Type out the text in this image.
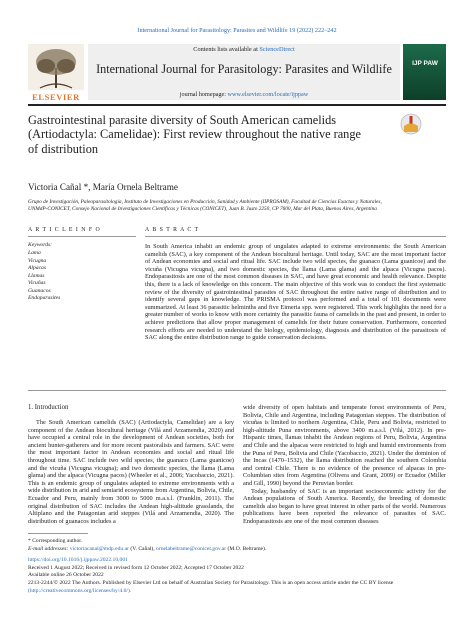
International Journal for Parasitology: Parasites and Wildlife 19 (2022) 222–242
ELSEVIER
Contents lists available at ScienceDirect
International Journal for Parasitology: Parasites and Wildlife
journal homepage: www.elsevier.com/locate/ijppaw
IJP PAW
Gastrointestinal parasite diversity of South American camelids
(Artiodactyla: Camelidae): First review throughout the native range
of distribution
Victoria Cañal *, María Ornela Beltrame
Grupo de Investigación, Paleoparasitología, Instituto de Investigaciones en Producción, Sanidad y Ambiente (IIPROSAM), Facultad de Ciencias Exactas y Naturales,
UNMdP-CONICET, Consejo Nacional de Investigaciones Científicas y Técnicas (CONICET), Juan B. Justo 2250, CP 7600, Mar del Plata, Buenos Aires, Argentina
A R T I C L E I N F O	A B S T R A C T
Keywords:
Lama
Vicugna
Alpacas
Llamas
Vicuñas
Guanacos
Endoparasites
In South America inhabit an endemic group of ungulates adapted to extreme environments: the South American camelids (SAC), a key component of the Andean biocultural heritage. Until today, SAC are the most important factor of Andean economies and social and ritual life. SAC include two wild species, the guanaco (Lama guanicoe) and the vicuña (Vicugna vicugna), and two domestic species, the llama (Lama glama) and the alpaca (Vicugna pacos). Endoparasitosis are one of the most common diseases in SAC, and have great economic and health relevance. Despite this, there is a lack of knowledge on this concern. The main objective of this work was to conduct the first systematic review of the diversity of gastrointestinal parasites of SAC throughout the entire native range of distribution and to identify several gaps in knowledge. The PRISMA protocol was performed and a total of 101 documents were summarized. At least 36 parasitic helminths and five Eimeria spp. were registered. This work highlights the need for a greater number of works to know with more certainty the parasitic fauna of camelids in the past and present, in order to achieve predictions that allow proper management of camelids for their future conservation. Furthermore, concerted research efforts are needed to understand the biology, epidemiology, diagnosis and distribution of the parasitosis of SAC along the entire distribution range to guide conservation decisions.
1. Introduction

The South American camelids (SAC) (Artiodactyla, Camelidae) are a key component of the Andean biocultural heritage (Vilá and Arzamendia, 2020) and have occupied a central role in the development of Andean societies, both for ancient hunter-gatherers and for more recent pastoralists and farmers. SAC were the most important factor in Andean economies and social and ritual life throughout time. SAC include two wild species, the guanaco (Lama guanicoe) and the vicuña (Vicugna vicugna); and two domestic species, the llama (Lama glama) and the alpaca (Vicugna pacos) (Wheeler et al., 2006; Yacobaccio, 2021). This is an endemic group of ungulates adapted to extreme environments with a wide distribution in arid and semiarid ecosystems from Argentina, Bolivia, Chile, Ecuador and Peru, mainly from 3000 to 5000 m.a.s.l. (Franklin, 2011). The original distribution of SAC includes the Andean high-altitude grasslands, the Altiplano and the Patagonian arid steppes (Vilá and Arzamendia, 2020). The distribution of guanacos includes a

wide diversity of open habitats and temperate forest environments of Peru, Bolivia, Chile and Argentina, including Patagonian steppes. The distribution of vicuñas is limited to northern Argentina, Chile, Peru and Bolivia, restricted to high-altitude Puna environments, above 3400 m.a.s.l. (Vilá, 2012). In pre-Hispanic times, llamas inhabit the Andean regions of Peru, Bolivia, Argentina and Chile and the alpacas were restricted to high and humid environments from the Puna of Peru, Bolivia and Chile (Yacobaccio, 2021). Under the dominion of the Incas (1470–1532), the llama distribution reached the southern Colombia and central Chile. There is no evidence of the presence of alpacas in pre-Columbian sites from Argentina (Olivera and Grant, 2009) or Ecuador (Miller and Gill, 1990) beyond the Peruvian border.

Today, husbandry of SAC is an important socioeconomic activity for the Andean populations of South America. Recently, the breeding of domestic camelids also began to have great interest in other parts of the world. Numerous publications have been reported the relevance of parasites of SAC. Endoparasitosis are one of the most common diseases

* Corresponding author.
E-mail addresses: victoriacanal@mdp.edu.ar (V. Cañal), ornelabeltrame@conicet.gov.ar (M.O. Beltrame).
https://doi.org/10.1016/j.ijppaw.2022.10.001
Received 1 August 2022; Received in revised form 12 October 2022; Accepted 17 October 2022
Available online 26 October 2022
2213-2244/© 2022 The Authors. Published by Elsevier Ltd on behalf of Australian Society for Parasitology. This is an open access article under the CC BY license
(http://creativecommons.org/licenses/by/4.0/).
